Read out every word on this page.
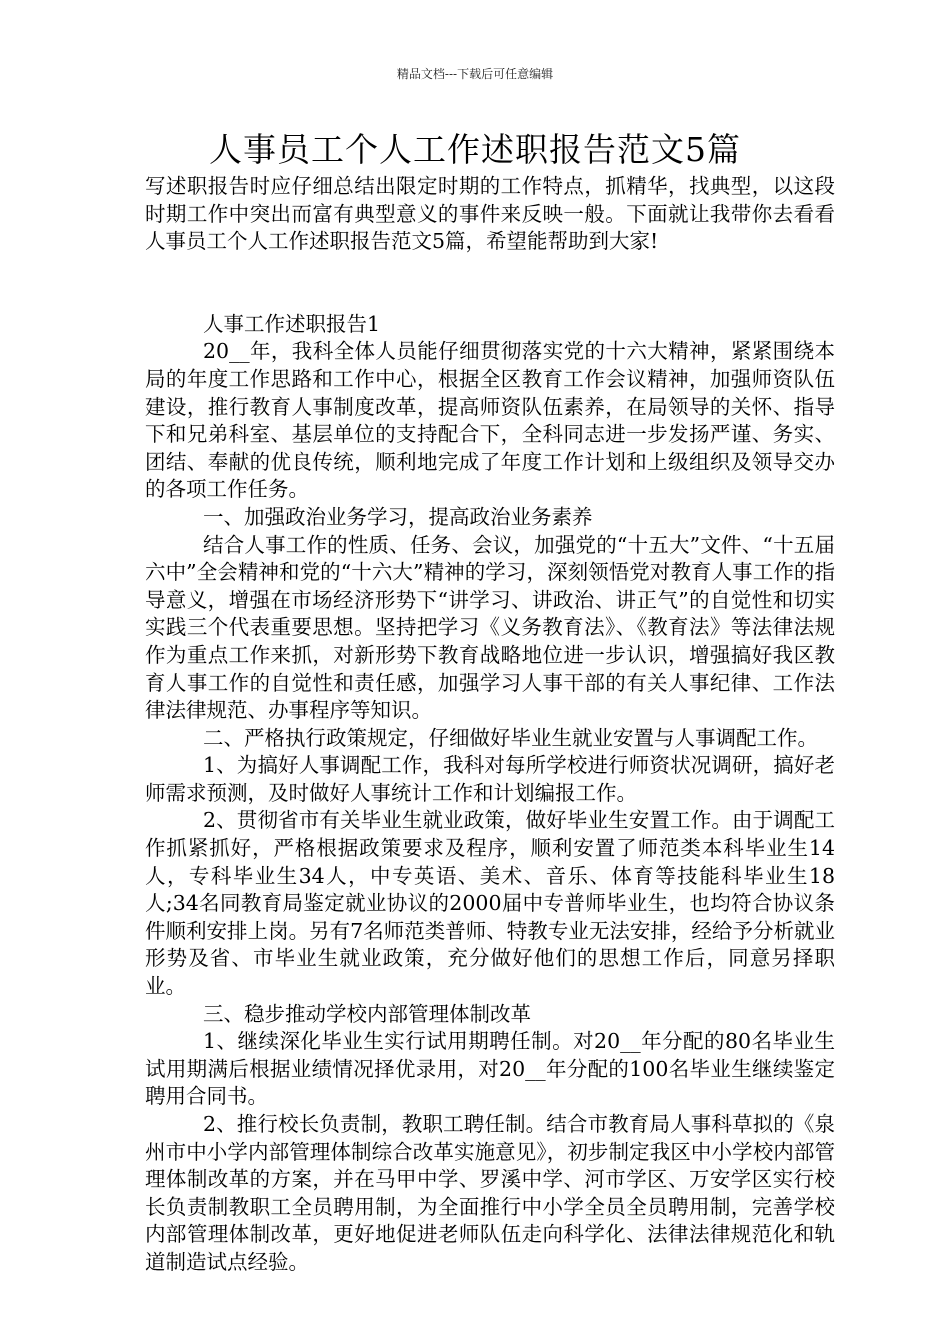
精品文档---下载后可任意编辑
人事员工个人工作述职报告范文5篇

写述职报告时应仔细总结出限定时期的工作特点，抓精华，找典型，以这段时期工作中突出而富有典型意义的事件来反映一般。下面就让我带你去看看人事员工个人工作述职报告范文5篇，希望能帮助到大家!

人事工作述职报告1

20__年，我科全体人员能仔细贯彻落实党的十六大精神，紧紧围绕本局的年度工作思路和工作中心，根据全区教育工作会议精神，加强师资队伍建设，推行教育人事制度改革，提高师资队伍素养，在局领导的关怀、指导下和兄弟科室、基层单位的支持配合下，全科同志进一步发扬严谨、务实、团结、奉献的优良传统，顺利地完成了年度工作计划和上级组织及领导交办的各项工作任务。

一、加强政治业务学习，提高政治业务素养

结合人事工作的性质、任务、会议，加强党的“十五大”文件、“十五届六中”全会精神和党的“十六大”精神的学习，深刻领悟党对教育人事工作的指导意义，增强在市场经济形势下“讲学习、讲政治、讲正气”的自觉性和切实实践三个代表重要思想。坚持把学习《义务教育法》、《教育法》等法律法规作为重点工作来抓，对新形势下教育战略地位进一步认识，增强搞好我区教育人事工作的自觉性和责任感，加强学习人事干部的有关人事纪律、工作法律法律规范、办事程序等知识。

二、严格执行政策规定，仔细做好毕业生就业安置与人事调配工作。

1、为搞好人事调配工作，我科对每所学校进行师资状况调研，搞好老师需求预测，及时做好人事统计工作和计划编报工作。

2、贯彻省市有关毕业生就业政策，做好毕业生安置工作。由于调配工作抓紧抓好，严格根据政策要求及程序，顺利安置了师范类本科毕业生14人，专科毕业生34人，中专英语、美术、音乐、体育等技能科毕业生18人;34名同教育局鉴定就业协议的2000届中专普师毕业生，也均符合协议条件顺利安排上岗。另有7名师范类普师、特教专业无法安排，经给予分析就业形势及省、市毕业生就业政策，充分做好他们的思想工作后，同意另择职业。

三、稳步推动学校内部管理体制改革

1、继续深化毕业生实行试用期聘任制。对20__年分配的80名毕业生试用期满后根据业绩情况择优录用，对20__年分配的100名毕业生继续鉴定聘用合同书。

2、推行校长负责制，教职工聘任制。结合市教育局人事科草拟的《泉州市中小学内部管理体制综合改革实施意见》，初步制定我区中小学校内部管理体制改革的方案，并在马甲中学、罗溪中学、河市学区、万安学区实行校长负责制教职工全员聘用制，为全面推行中小学全员全员聘用制，完善学校内部管理体制改革，更好地促进老师队伍走向科学化、法律法律规范化和轨道制造试点经验。
